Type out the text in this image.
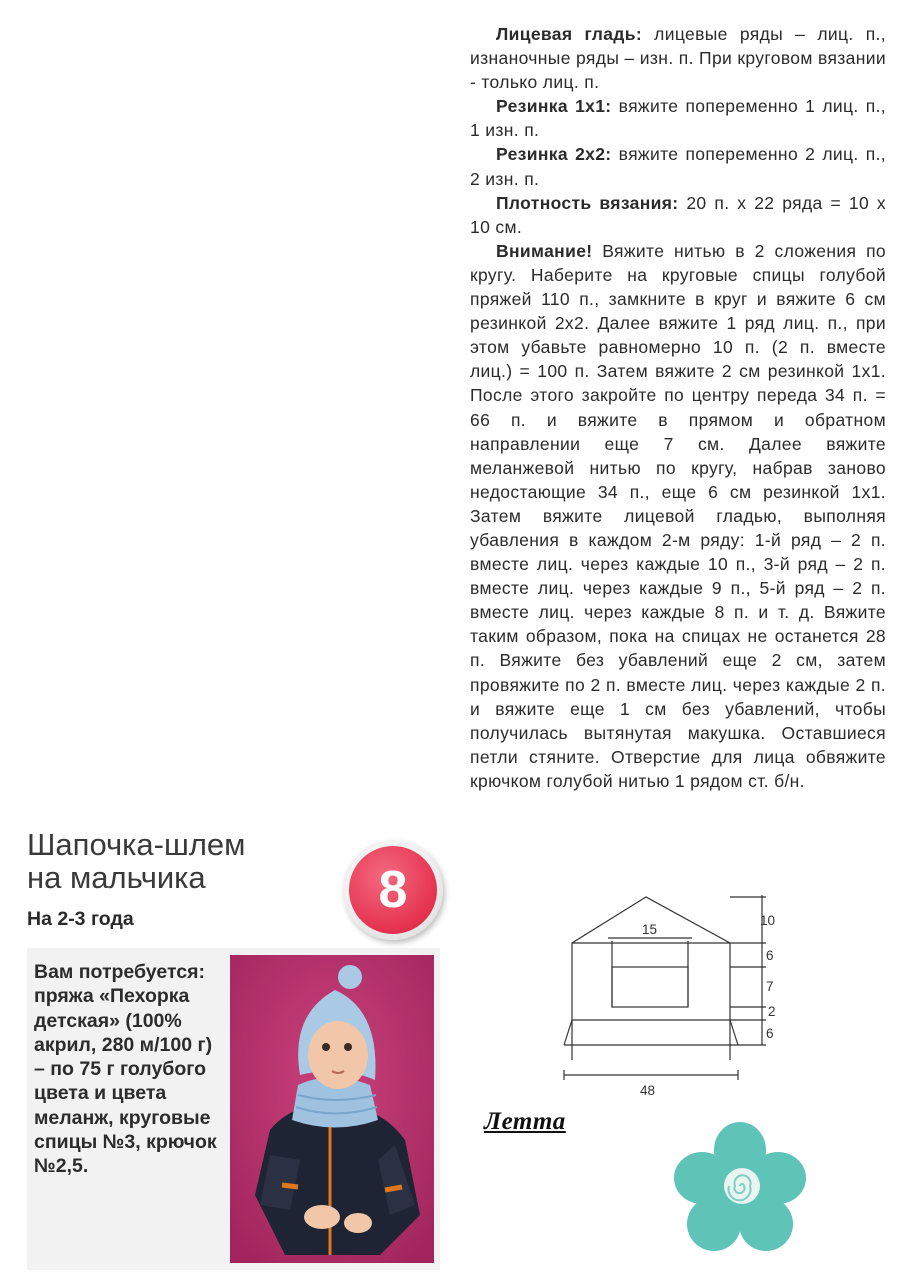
Лицевая гладь: лицевые ряды – лиц. п., изнаночные ряды – изн. п. При круговом вязании - только лиц. п.

Резинка 1х1: вяжите попеременно 1 лиц. п., 1 изн. п.

Резинка 2х2: вяжите попеременно 2 лиц. п., 2 изн. п.

Плотность вязания: 20 п. х 22 ряда = 10 х 10 см.

Внимание! Вяжите нитью в 2 сложения по кругу. Наберите на круговые спицы голубой пряжей 110 п., замкните в круг и вяжите 6 см резинкой 2х2. Далее вяжите 1 ряд лиц. п., при этом убавьте равномерно 10 п. (2 п. вместе лиц.) = 100 п. Затем вяжите 2 см резинкой 1х1. После этого закройте по центру переда 34 п. = 66 п. и вяжите в прямом и обратном направлении еще 7 см. Далее вяжите меланжевой нитью по кругу, набрав заново недостающие 34 п., еще 6 см резинкой 1х1. Затем вяжите лицевой гладью, выполняя убавления в каждом 2-м ряду: 1-й ряд – 2 п. вместе лиц. через каждые 10 п., 3-й ряд – 2 п. вместе лиц. через каждые 9 п., 5-й ряд – 2 п. вместе лиц. через каждые 8 п. и т. д. Вяжите таким образом, пока на спицах не останется 28 п. Вяжите без убавлений еще 2 см, затем провяжите по 2 п. вместе лиц. через каждые 2 п. и вяжите еще 1 см без убавлений, чтобы получилась вытянутая макушка. Оставшиеся петли стяните. Отверстие для лица обвяжите крючком голубой нитью 1 рядом ст. б/н.

Шапочка-шлем
на мальчика
На 2-3 года	8
Вам потребуется: пряжа «Пехорка детская» (100% акрил, 280 м/100 г) – по 75 г голубого цвета и цвета меланж, круговые спицы №3, крючок №2,5.
Летта
10
15
6
7
2
6
48
